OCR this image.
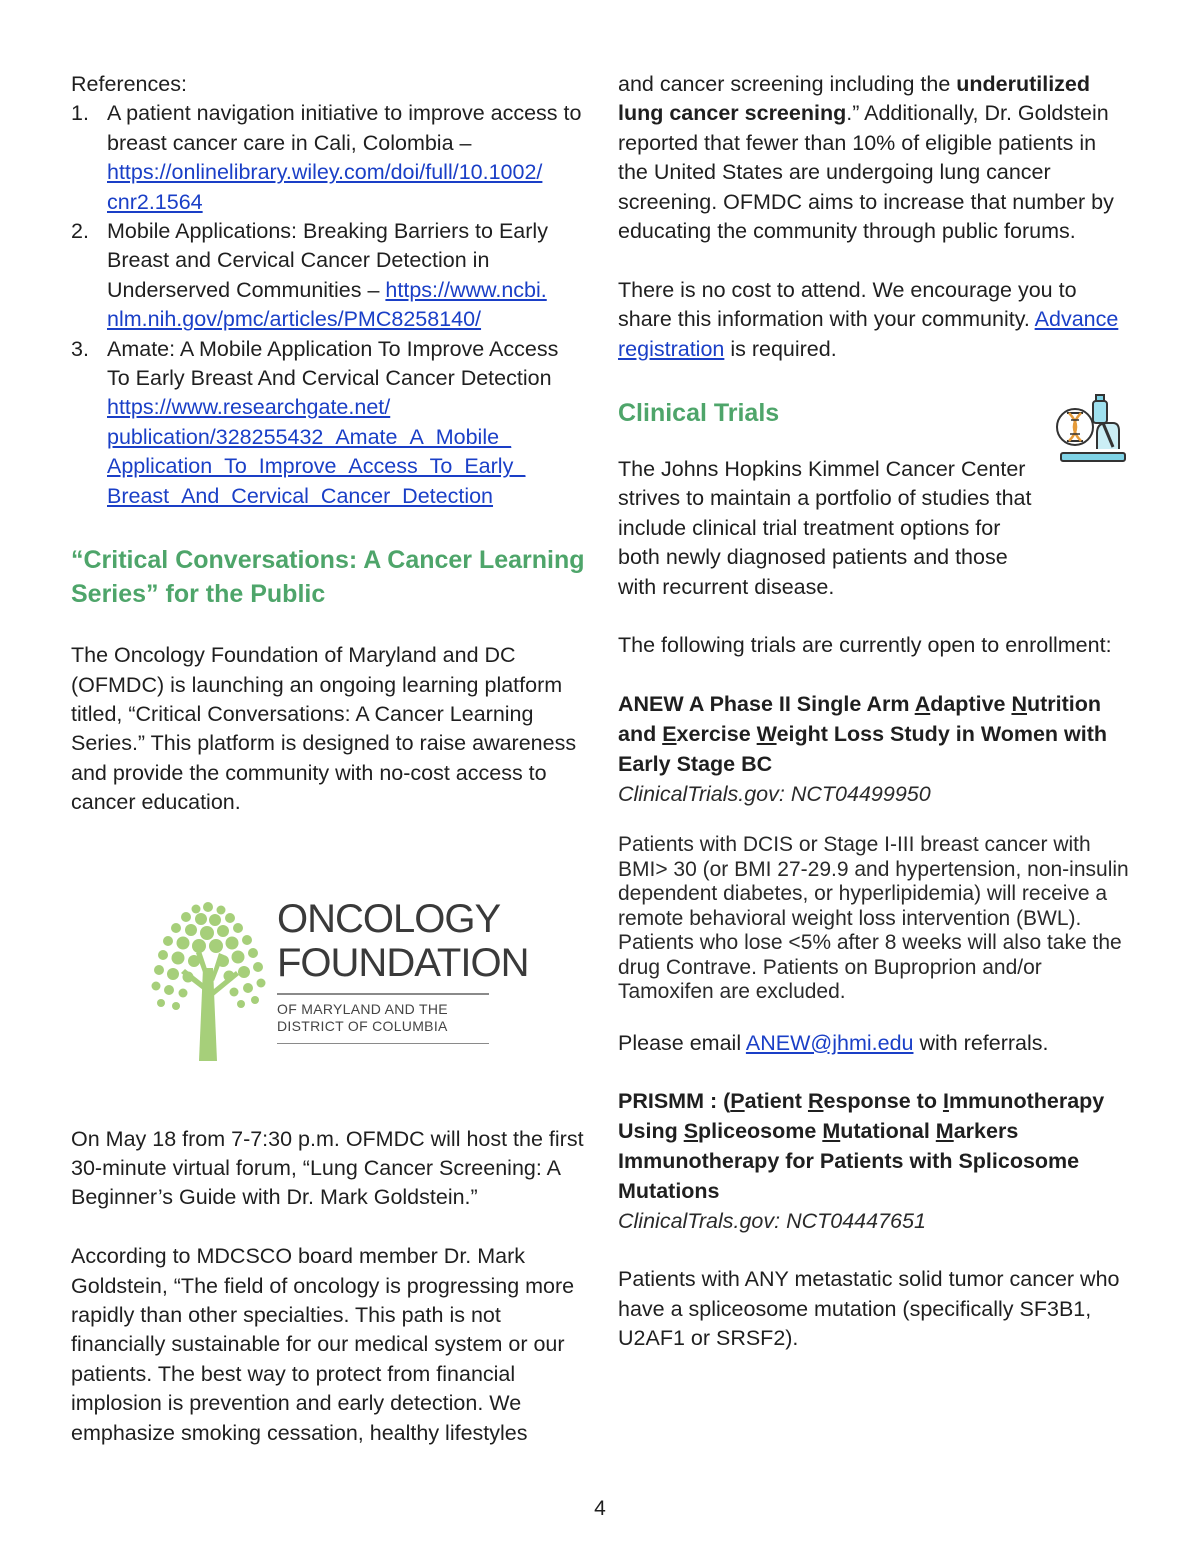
References:

1. A patient navigation initiative to improve access to breast cancer care in Cali, Colombia – https://onlinelibrary.wiley.com/doi/full/10.1002/
cnr2.1564
2. Mobile Applications: Breaking Barriers to Early Breast and Cervical Cancer Detection in Underserved Communities – https://www.ncbi.
nlm.nih.gov/pmc/articles/PMC8258140/
3. Amate: A Mobile Application To Improve Access To Early Breast And Cervical Cancer Detection https://www.researchgate.net/
publication/328255432_Amate_A_Mobile_
Application_To_Improve_Access_To_Early_
Breast_And_Cervical_Cancer_Detection
“Critical Conversations: A Cancer Learning Series” for the Public

The Oncology Foundation of Maryland and DC (OFMDC) is launching an ongoing learning platform titled, “Critical Conversations: A Cancer Learning Series.” This platform is designed to raise awareness and provide the community with no-cost access to cancer education.

ONCOLOGY

FOUNDATION

OF MARYLAND AND THE

DISTRICT OF COLUMBIA

On May 18 from 7-7:30 p.m. OFMDC will host the first 30-minute virtual forum, “Lung Cancer Screening: A Beginner’s Guide with Dr. Mark Goldstein.”

According to MDCSCO board member Dr. Mark Goldstein, “The field of oncology is progressing more rapidly than other specialties. This path is not financially sustainable for our medical system or our patients. The best way to protect from financial implosion is prevention and early detection. We emphasize smoking cessation, healthy lifestyles

and cancer screening including the underutilized lung cancer screening.” Additionally, Dr. Goldstein reported that fewer than 10% of eligible patients in the United States are undergoing lung cancer screening. OFMDC aims to increase that number by educating the community through public forums.

There is no cost to attend. We encourage you to share this information with your community. Advance registration is required.

Clinical Trials

The Johns Hopkins Kimmel Cancer Center strives to maintain a portfolio of studies that include clinical trial treatment options for both newly diagnosed patients and those with recurrent disease.

The following trials are currently open to enrollment:

ANEW A Phase II Single Arm Adaptive Nutrition and Exercise Weight Loss Study in Women with Early Stage BC

ClinicalTrials.gov: NCT04499950

Patients with DCIS or Stage I-III breast cancer with BMI> 30 (or BMI 27-29.9 and hypertension, non-insulin dependent diabetes, or hyperlipidemia) will receive a remote behavioral weight loss intervention (BWL). Patients who lose <5% after 8 weeks will also take the drug Contrave. Patients on Buproprion and/or Tamoxifen are excluded.

Please email ANEW@jhmi.edu with referrals.

PRISMM : (Patient Response to Immunotherapy Using Spliceosome Mutational Markers Immunotherapy for Patients with Splicosome Mutations

ClinicalTrals.gov: NCT04447651

Patients with ANY metastatic solid tumor cancer who have a spliceosome mutation (specifically SF3B1, U2AF1 or SRSF2).

4
